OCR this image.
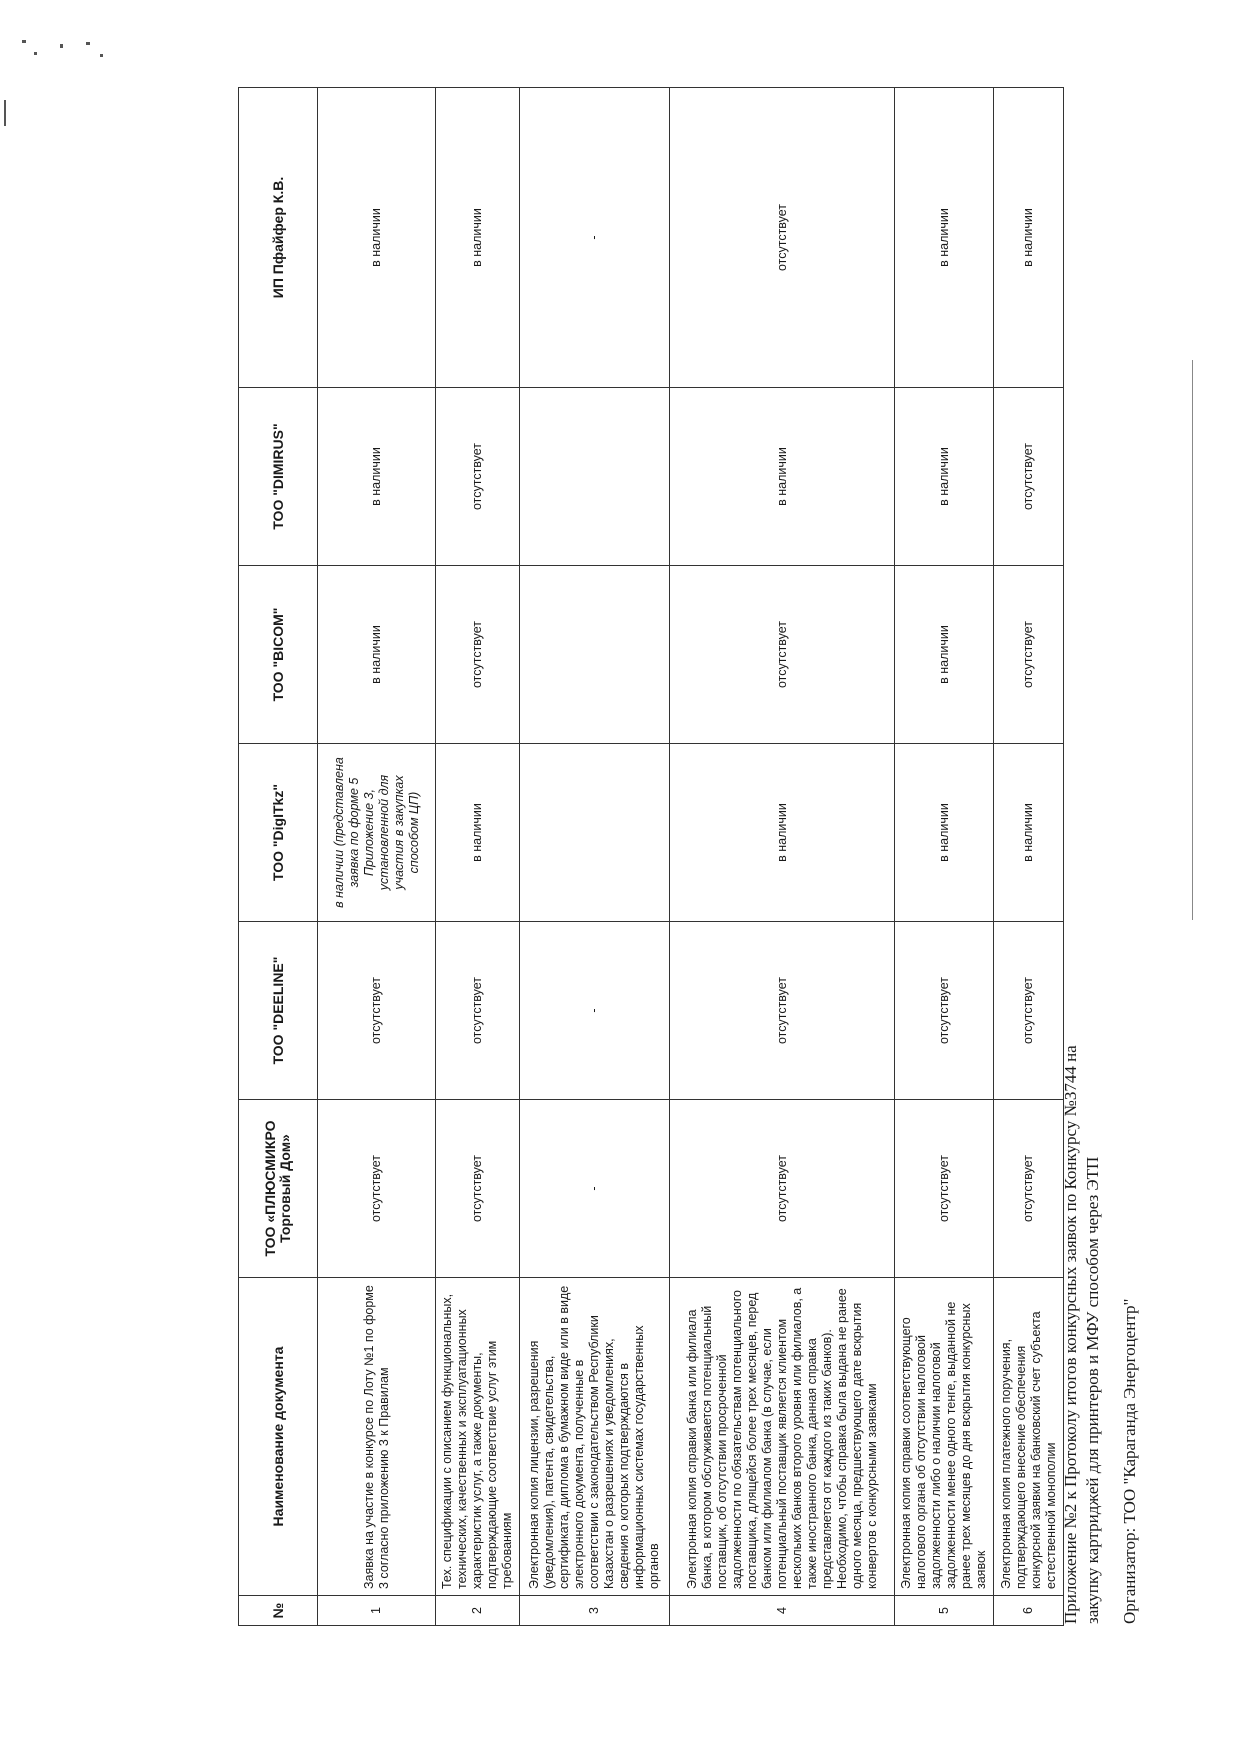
Приложение №2 к Протоколу итогов конкурсных заявок по Конкурсу №3744 на закупку картриджей для принтеров и МФУ способом через ЭТП
№	Наименование документа	ТОО «ПЛЮСМИКРО Торговый Дом»	ТОО "DEELINE"	ТОО "DigITkz"	ТОО "BICOM"	ТОО "DIMIRUS"	ИП Пфайфер К.В.
1	Заявка на участие в конкурсе по Лоту №1 по форме 3 согласно приложению 3 к Правилам	отсутствует	отсутствует	в наличии (представлена заявка по форме 5 Приложение 3, установленной для участия в закупках способом ЦП)	в наличии	в наличии	в наличии
2	Тех. спецификации с описанием функциональных, технических, качественных и эксплуатационных характеристик услуг, а также документы, подтверждающие соответствие услуг этим требованиям	отсутствует	отсутствует	в наличии	отсутствует	отсутствует	в наличии
3	Электронная копия лицензии, разрешения (уведомления), патента, свидетельства, сертификата, диплома в бумажном виде или в виде электронного документа, полученные в соответствии с законодательством Республики Казахстан о разрешениях и уведомлениях, сведения о которых подтверждаются в информационных системах государственных органов	-	-				-
4	Электронная копия справки банка или филиала банка, в котором обслуживается потенциальный поставщик, об отсутствии просроченной задолженности по обязательствам потенциального поставщика, длящейся более трех месяцев, перед банком или филиалом банка (в случае, если потенциальный поставщик является клиентом нескольких банков второго уровня или филиалов, а также иностранного банка, данная справка представляется от каждого из таких банков). Необходимо, чтобы справка была выдана не ранее одного месяца, предшествующего дате вскрытия конвертов с конкурсными заявками	отсутствует	отсутствует	в наличии	отсутствует	в наличии	отсутствует
5	Электронная копия справки соответствующего налогового органа об отсутствии налоговой задолженности либо о наличии налоговой задолженности менее одного тенге, выданной не ранее трех месяцев до дня вскрытия конкурсных заявок	отсутствует	отсутствует	в наличии	в наличии	в наличии	в наличии
6	Электронная копия платежного поручения, подтверждающего внесение обеспечения конкурсной заявки на банковский счет субъекта естественной монополии	отсутствует	отсутствует	в наличии	отсутствует	отсутствует	в наличии
Организатор: ТОО "Караганда Энергоцентр"
